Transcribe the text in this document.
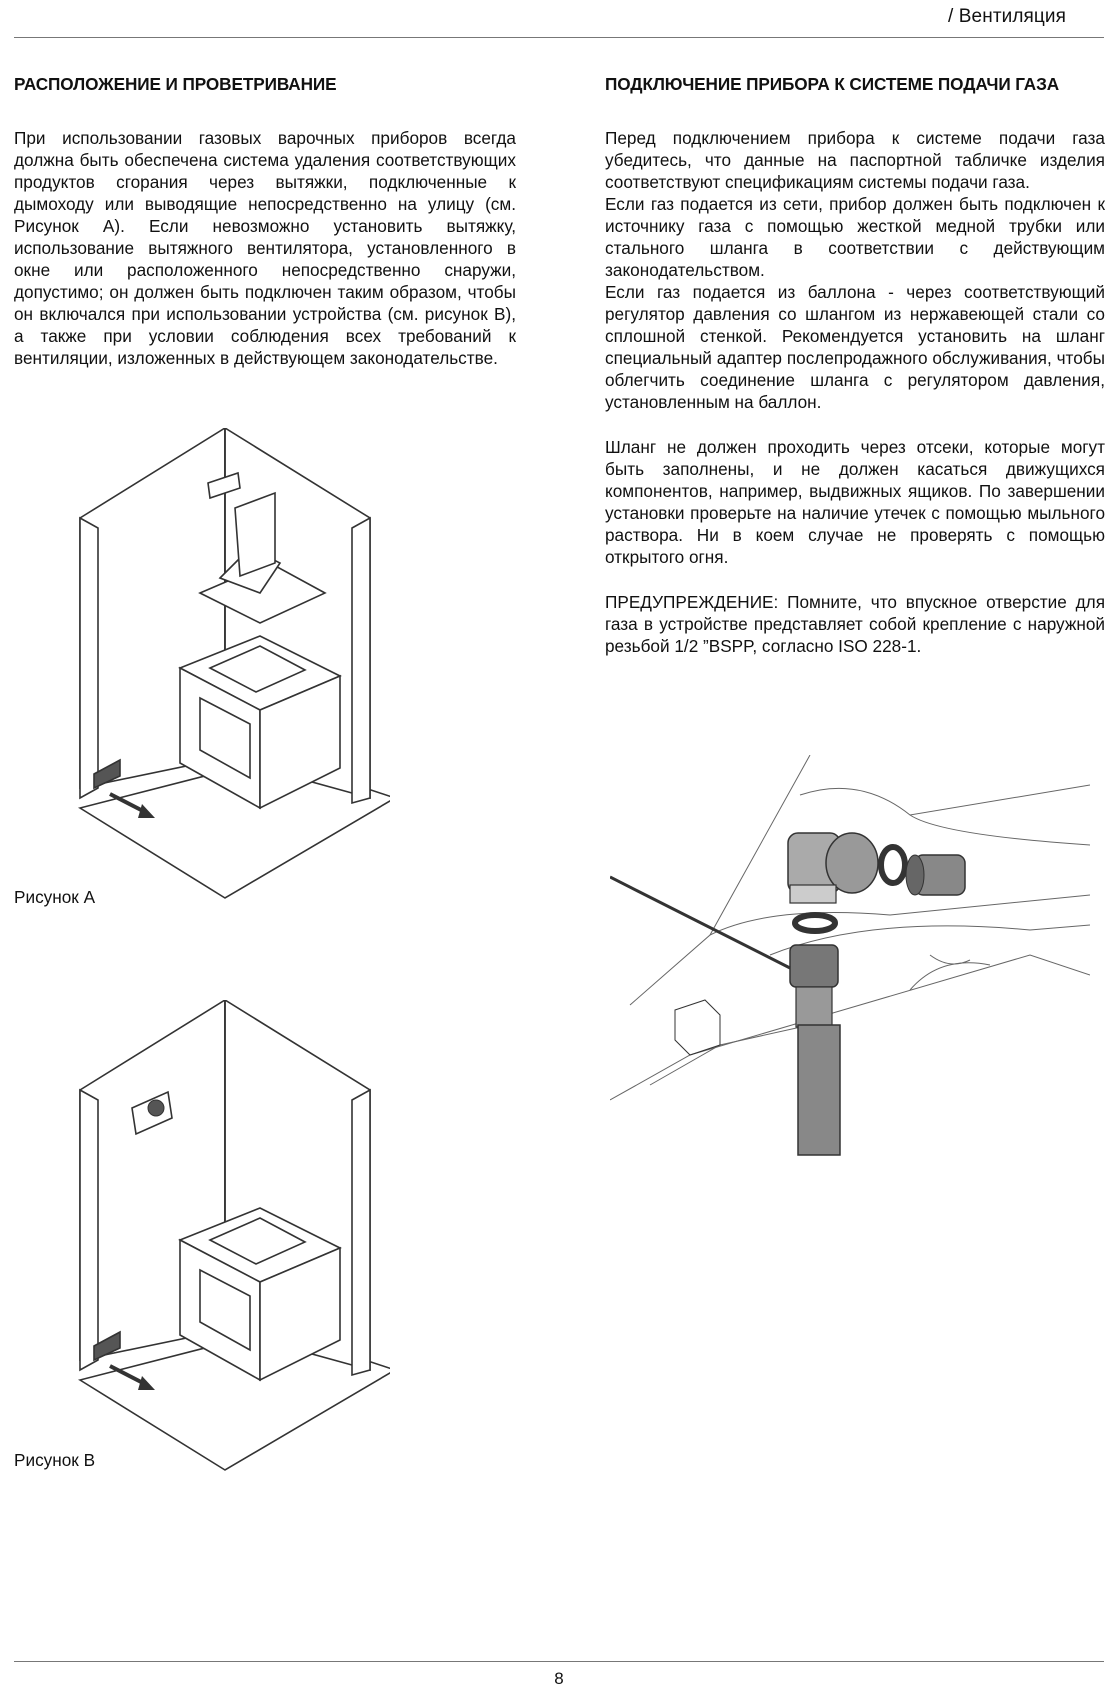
/ Вентиляция
РАСПОЛОЖЕНИЕ И ПРОВЕТРИВАНИЕ

При использовании газовых варочных приборов всегда должна быть обеспечена система удаления соответствующих продуктов сгорания через вытяжки, подключенные к дымоходу или выводящие непосредственно на улицу (см. Рисунок А). Если невозможно установить вытяжку, использование вытяжного вентилятора, установленного в окне или расположенного непосредственно снаружи, допустимо; он должен быть подключен таким образом, чтобы он включался при использовании устройства (см. рисунок В), а также при условии соблюдения всех требований к вентиляции, изложенных в действующем законодательстве.

Рисунок А

Рисунок В

ПОДКЛЮЧЕНИЕ ПРИБОРА К СИСТЕМЕ ПОДАЧИ ГАЗА

Перед подключением прибора к системе подачи газа убедитесь, что данные на паспортной табличке изделия соответствуют спецификациям системы подачи газа.

Если газ подается из сети, прибор должен быть подключен к источнику газа с помощью жесткой медной трубки или стального шланга в соответствии с действующим законодательством.

Если газ подается из баллона - через соответствующий регулятор давления со шлангом из нержавеющей стали со сплошной стенкой. Рекомендуется установить на шланг специальный адаптер послепродажного обслуживания, чтобы облегчить соединение шланга с регулятором давления, установленным на баллон.

Шланг не должен проходить через отсеки, которые могут быть заполнены, и не должен касаться движущихся компонентов, например, выдвижных ящиков. По завершении установки проверьте на наличие утечек с помощью мыльного раствора. Ни в коем случае не проверять с помощью открытого огня.

ПРЕДУПРЕЖДЕНИЕ: Помните, что впускное отверстие для газа в устройстве представляет собой крепление с наружной резьбой 1/2 ”BSPP, согласно ISO 228-1.

8
